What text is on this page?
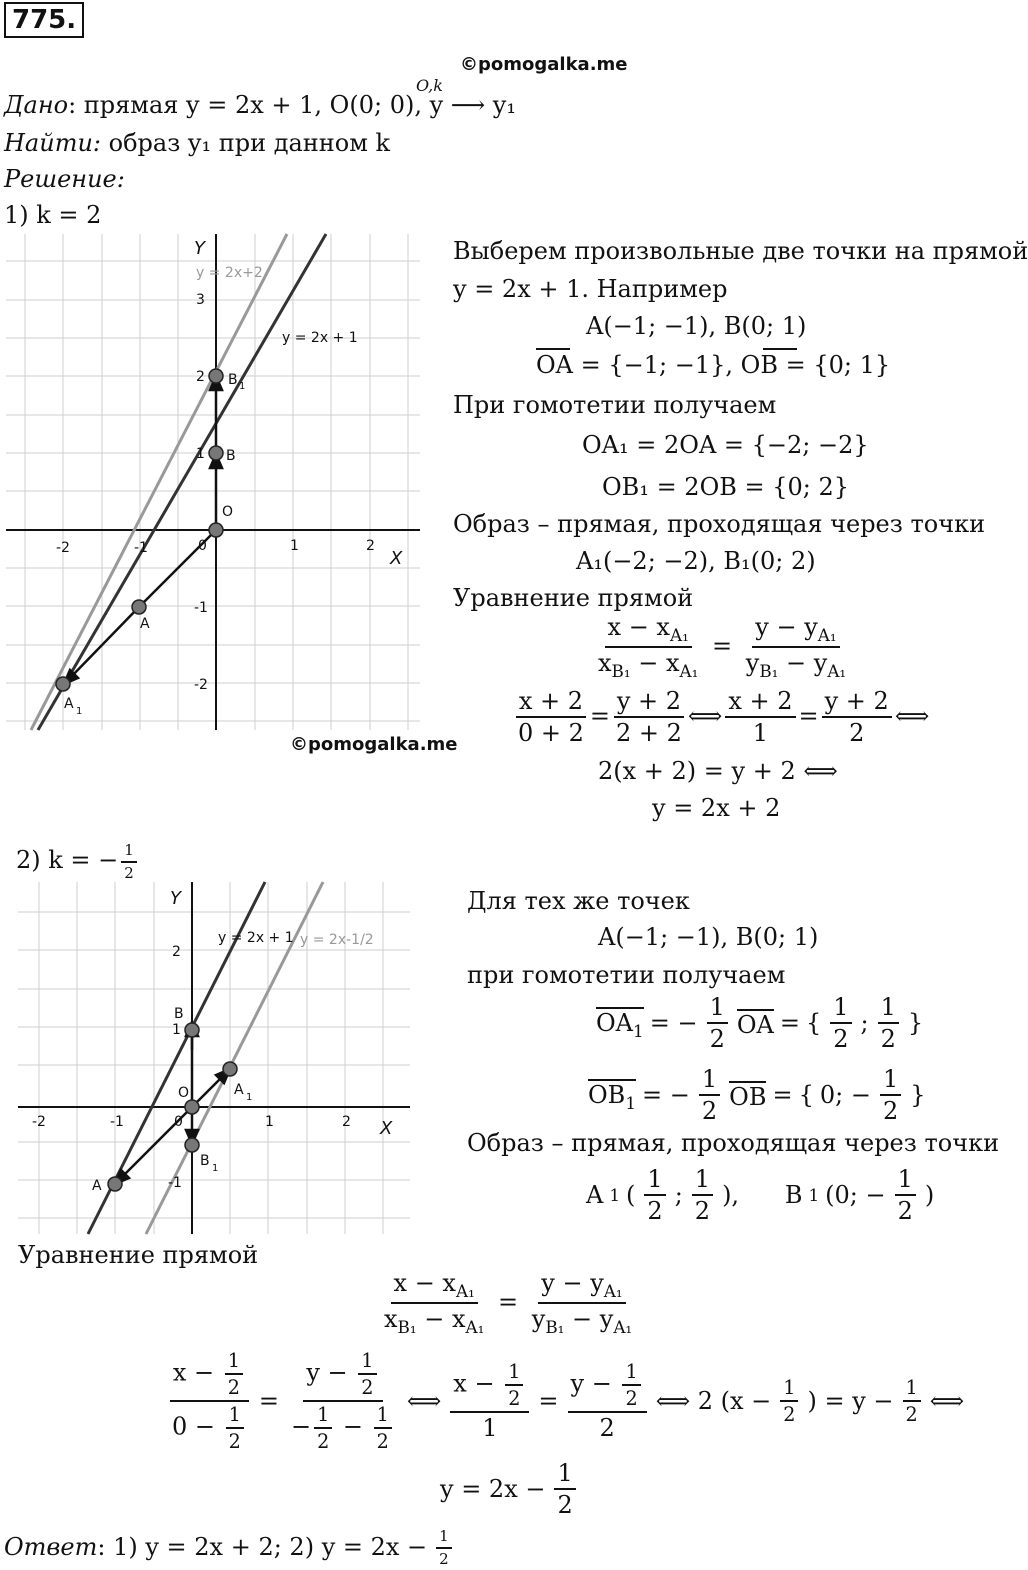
775.
©pomogalka.me
Дано: прямая y = 2x + 1, O(0; 0), y ⟶ y₁
O,k
Найти: образ y₁ при данном k
Решение:
1) k = 2
-2	-1	0	1	2
3
2
1
-1
-2
O
A
B
A 1
B 1
y = 2x + 1
y = 2x+2
Y
X
©pomogalka.me
Выберем произвольные две точки на прямой
y = 2x + 1. Например
A(−1; −1), B(0; 1)
OA = {−1; −1}, OB = {0; 1}
При гомотетии получаем
OA₁ = 2OA = {−2; −2}
OB₁ = 2OB = {0; 2}
Образ – прямая, проходящая через точки
A₁(−2; −2), B₁(0; 2)
Уравнение прямой
$\frac{x - x_{A_1}}{x_{B_1} - x_{A_1}} = \frac{y - y_{A_1}}{y_{B_1} - y_{A_1}}$
$\frac{x + 2}{0 + 2} = \frac{y + 2}{2 + 2}$ ⟺ $\frac{x + 2}{1} = \frac{y + 2}{2}$ ⟺
2(x + 2) = y + 2 ⟺
y = 2x + 2
2) k = − $\frac{1}{2}$
-2	-1	0	1	2
2
1
-1
O
A
B
A 1
B 1
y = 2x + 1 y = 2x-1/2
Y
X
Для тех же точек
A(−1; −1), B(0; 1)
при гомотетии получаем
$OA_1$ = − $\frac{1}{2}$ OA = { $\frac{1}{2}$ ; $\frac{1}{2}$ }
$OB_1$ = − $\frac{1}{2}$ OB = { 0; − $\frac{1}{2}$ }
Образ – прямая, проходящая через точки
A 1 ( $\frac{1}{2}$ ; $\frac{1}{2}$ ),      B 1 (0; − $\frac{1}{2}$ )
Уравнение прямой
$\frac{x - x_{A_1}}{x_{B_1} - x_{A_1}} = \frac{y - y_{A_1}}{y_{B_1} - y_{A_1}}$
$\frac{x - \frac{1}{2}}{0 - \frac{1}{2}} = \frac{y - \frac{1}{2}}{- \frac{1}{2} - \frac{1}{2}}$ ⟺ $\frac{x - \frac{1}{2}}{1} = \frac{y - \frac{1}{2}}{2}$ ⟺ 2 ($x - \frac{1}{2}$ ) = $y - \frac{1}{2}$ ⟺
$y = 2x - \frac{1}{2}$
Ответ: 1) y = 2x + 2; 2) $y = 2x - \frac{1}{2}$
